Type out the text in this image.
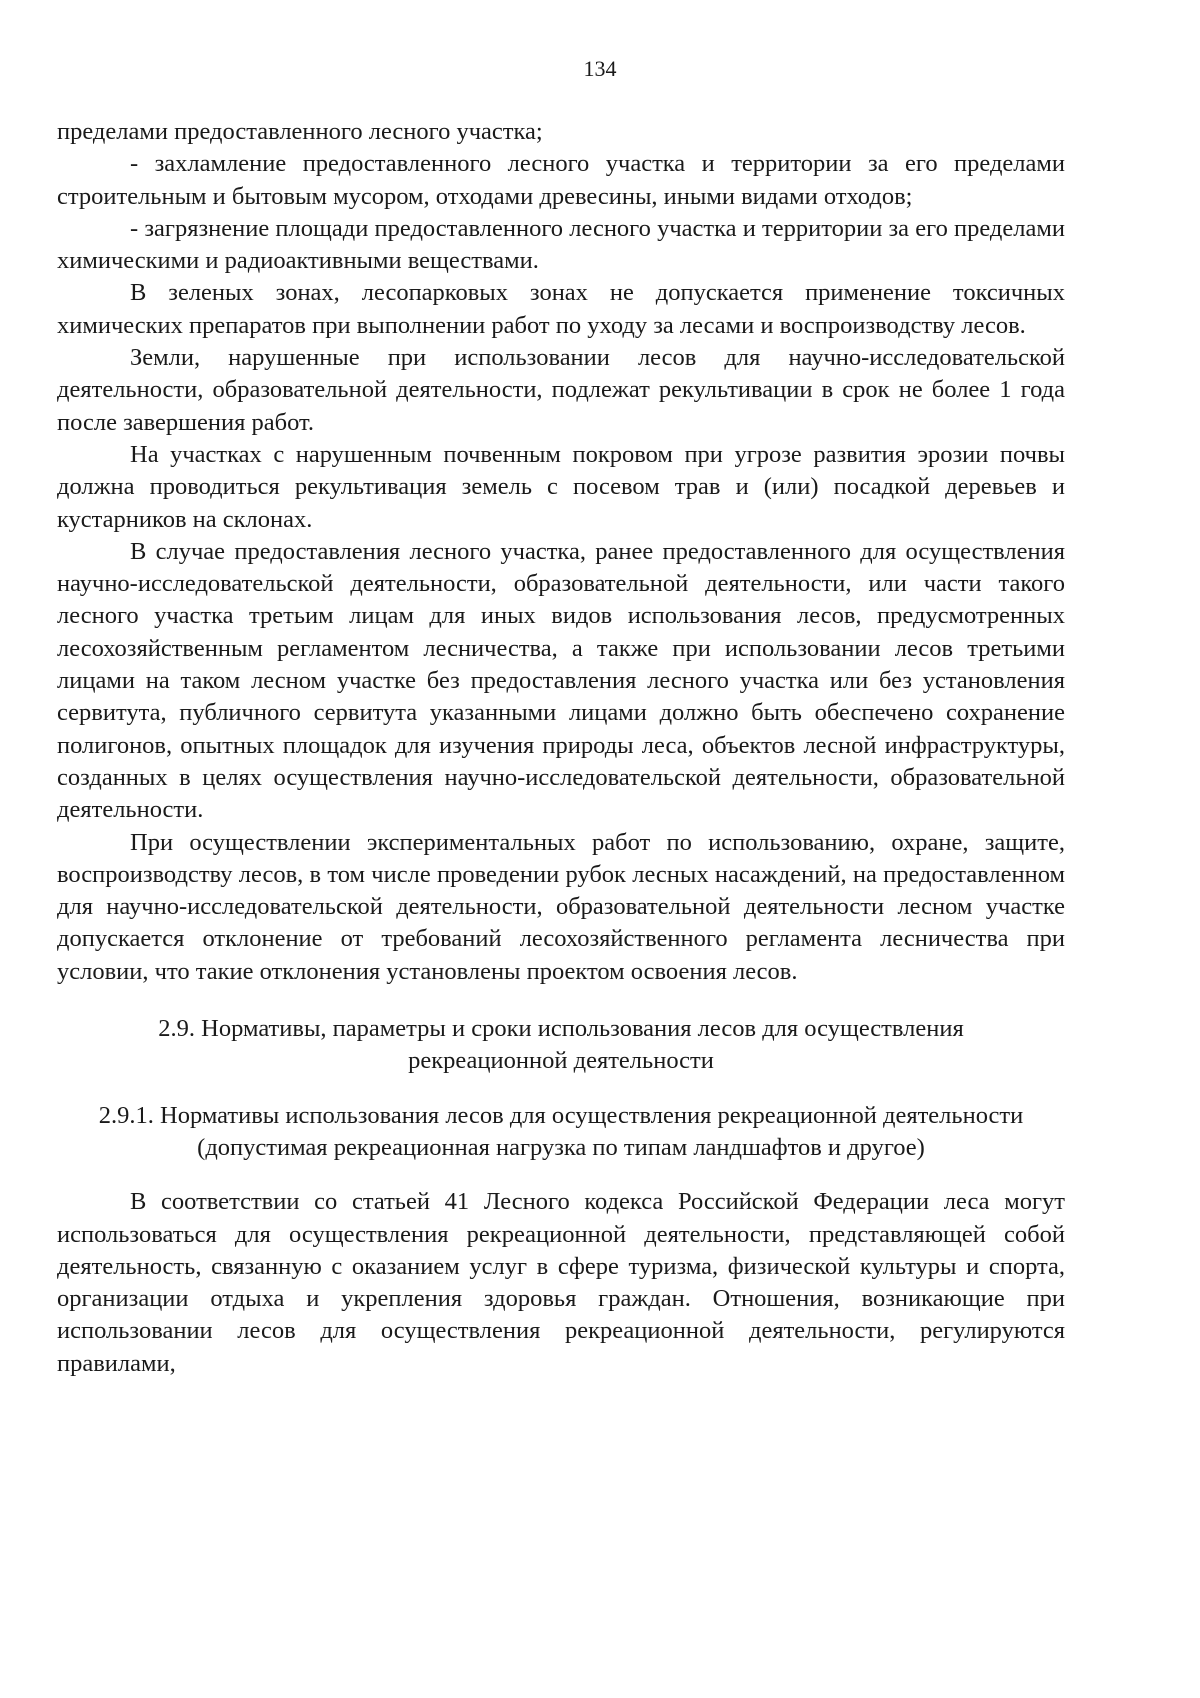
134

пределами предоставленного лесного участка;

- захламление предоставленного лесного участка и территории за его пределами строительным и бытовым мусором, отходами древесины, иными видами отходов;

- загрязнение площади предоставленного лесного участка и территории за его пределами химическими и радиоактивными веществами.

В зеленых зонах, лесопарковых зонах не допускается применение токсичных химических препаратов при выполнении работ по уходу за лесами и воспроизводству лесов.

Земли, нарушенные при использовании лесов для научно-исследовательской деятельности, образовательной деятельности, подлежат рекультивации в срок не более 1 года после завершения работ.

На участках с нарушенным почвенным покровом при угрозе развития эрозии почвы должна проводиться рекультивация земель с посевом трав и (или) посадкой деревьев и кустарников на склонах.

В случае предоставления лесного участка, ранее предоставленного для осуществления научно-исследовательской деятельности, образовательной деятельности, или части такого лесного участка третьим лицам для иных видов использования лесов, предусмотренных лесохозяйственным регламентом лесничества, а также при использовании лесов третьими лицами на таком лесном участке без предоставления лесного участка или без установления сервитута, публичного сервитута указанными лицами должно быть обеспечено сохранение полигонов, опытных площадок для изучения природы леса, объектов лесной инфраструктуры, созданных в целях осуществления научно-исследовательской деятельности, образовательной деятельности.

При осуществлении экспериментальных работ по использованию, охране, защите, воспроизводству лесов, в том числе проведении рубок лесных насаждений, на предоставленном для научно-исследовательской деятельности, образовательной деятельности лесном участке допускается отклонение от требований лесохозяйственного регламента лесничества при условии, что такие отклонения установлены проектом освоения лесов.

2.9. Нормативы, параметры и сроки использования лесов для осуществления рекреационной деятельности

2.9.1. Нормативы использования лесов для осуществления рекреационной деятельности (допустимая рекреационная нагрузка по типам ландшафтов и другое)

В соответствии со статьей 41 Лесного кодекса Российской Федерации леса могут использоваться для осуществления рекреационной деятельности, представляющей собой деятельность, связанную с оказанием услуг в сфере туризма, физической культуры и спорта, организации отдыха и укрепления здоровья граждан. Отношения, возникающие при использовании лесов для осуществления рекреационной деятельности, регулируются правилами,
